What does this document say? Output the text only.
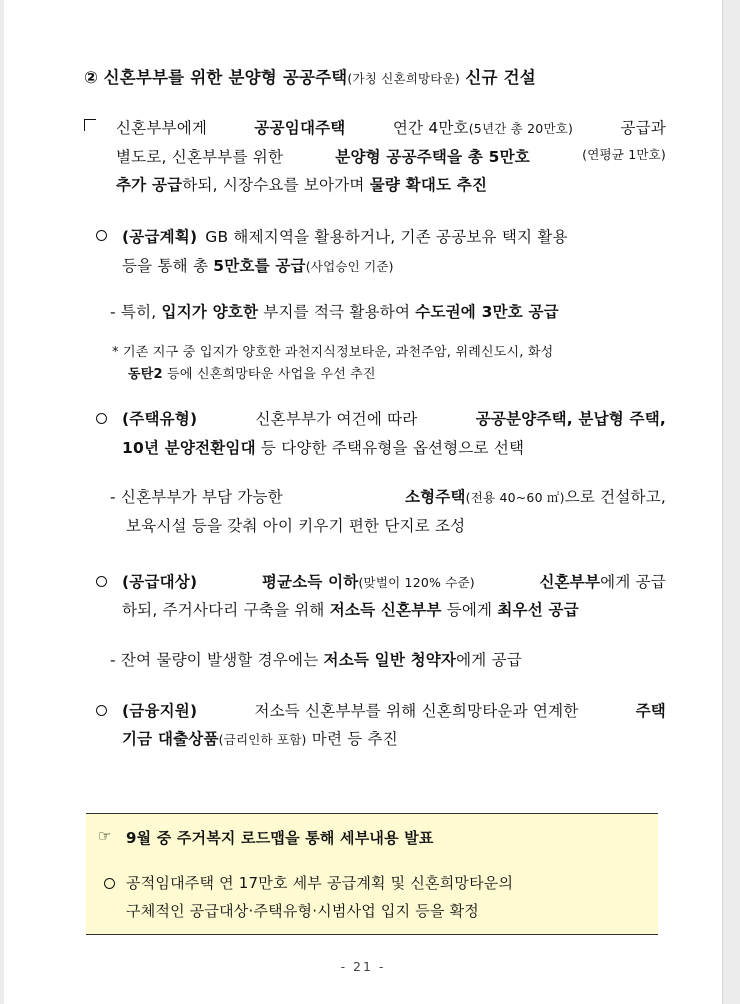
② 신혼부부를 위한 분양형 공공주택(가칭 신혼희망타운) 신규 건설
신혼부부에게	공공임대주택	연간 4만호(5년간 총 20만호)	공급과
별도로, 신혼부부를 위한	분양형 공공주택을 총 5만호	(연평균 1만호)
추가 공급하되, 시장수요를 보아가며 물량 확대도 추진
(공급계획) GB 해제지역을 활용하거나, 기존 공공보유 택지 활용
등을 통해 총 5만호를 공급(사업승인 기준)
- 특히, 입지가 양호한 부지를 적극 활용하여 수도권에 3만호 공급
* 기존 지구 중 입지가 양호한 과천지식정보타운, 과천주암, 위례신도시, 화성
동탄2 등에 신혼희망타운 사업을 우선 추진
(주택유형)	신혼부부가 여건에 따라	공공분양주택, 분납형 주택,
10년 분양전환임대 등 다양한 주택유형을 옵션형으로 선택
- 신혼부부가 부담 가능한	소형주택(전용 40~60 ㎡)으로 건설하고,
보육시설 등을 갖춰 아이 키우기 편한 단지로 조성
(공급대상)	평균소득 이하(맞벌이 120% 수준)	신혼부부에게 공급
하되, 주거사다리 구축을 위해 저소득 신혼부부 등에게 최우선 공급
- 잔여 물량이 발생할 경우에는 저소득 일반 청약자에게 공급
(금융지원)	저소득 신혼부부를 위해 신혼희망타운과 연계한	주택
기금 대출상품(금리인하 포함) 마련 등 추진
☞ 9월 중 주거복지 로드맵을 통해 세부내용 발표
공적임대주택 연 17만호 세부 공급계획 및 신혼희망타운의
구체적인 공급대상·주택유형·시범사업 입지 등을 확정
- 21 -
